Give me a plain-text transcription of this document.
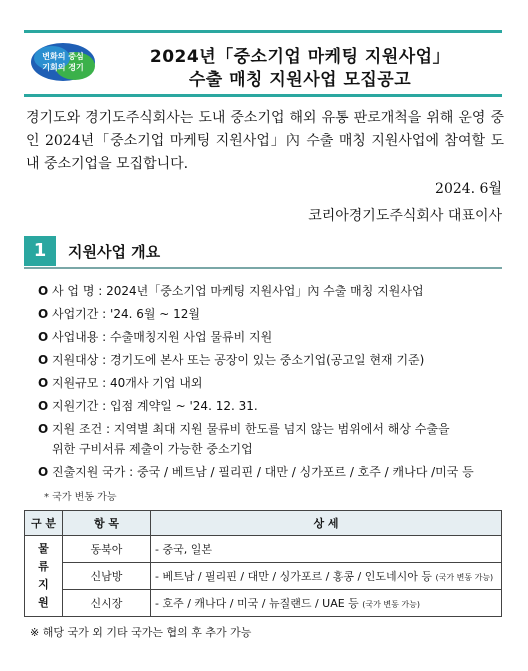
변화의 중심
기회의 경기
2024년「중소기업 마케팅 지원사업」
수출 매칭 지원사업 모집공고
경기도와 경기도주식회사는 도내 중소기업 해외 유통 판로개척을 위해 운영 중인 2024년「중소기업 마케팅 지원사업」內 수출 매칭 지원사업에 참여할 도내 중소기업을 모집합니다.
2024. 6월
코리아경기도주식회사 대표이사
1	지원사업 개요
O 사 업 명 : 2024년「중소기업 마케팅 지원사업」內 수출 매칭 지원사업
O 사업기간 : '24. 6월 ~ 12월
O 사업내용 : 수출매칭지원 사업 물류비 지원
O 지원대상 : 경기도에 본사 또는 공장이 있는 중소기업(공고일 현재 기준)
O 지원규모 : 40개사 기업 내외
O 지원기간 : 입점 계약일 ~ '24. 12. 31.
O 지원 조건 : 지역별 최대 지원 물류비 한도를 넘지 않는 범위에서 해상 수출을
위한 구비서류 제출이 가능한 중소기업
O 진출지원 국가 : 중국 / 베트남 / 필리핀 / 대만 / 싱가포르 / 호주 / 캐나다 /미국 등
* 국가 변동 가능
구 분	항 목	상 세
물
류
지
원	동북아	- 중국, 일본
	신남방	- 베트남 / 필리핀 / 대만 / 싱가포르 / 홍콩 / 인도네시아 등 (국가 변동 가능)
	신시장	- 호주 / 캐나다 / 미국 / 뉴질랜드 / UAE 등 (국가 변동 가능)
※ 해당 국가 외 기타 국가는 협의 후 추가 가능
